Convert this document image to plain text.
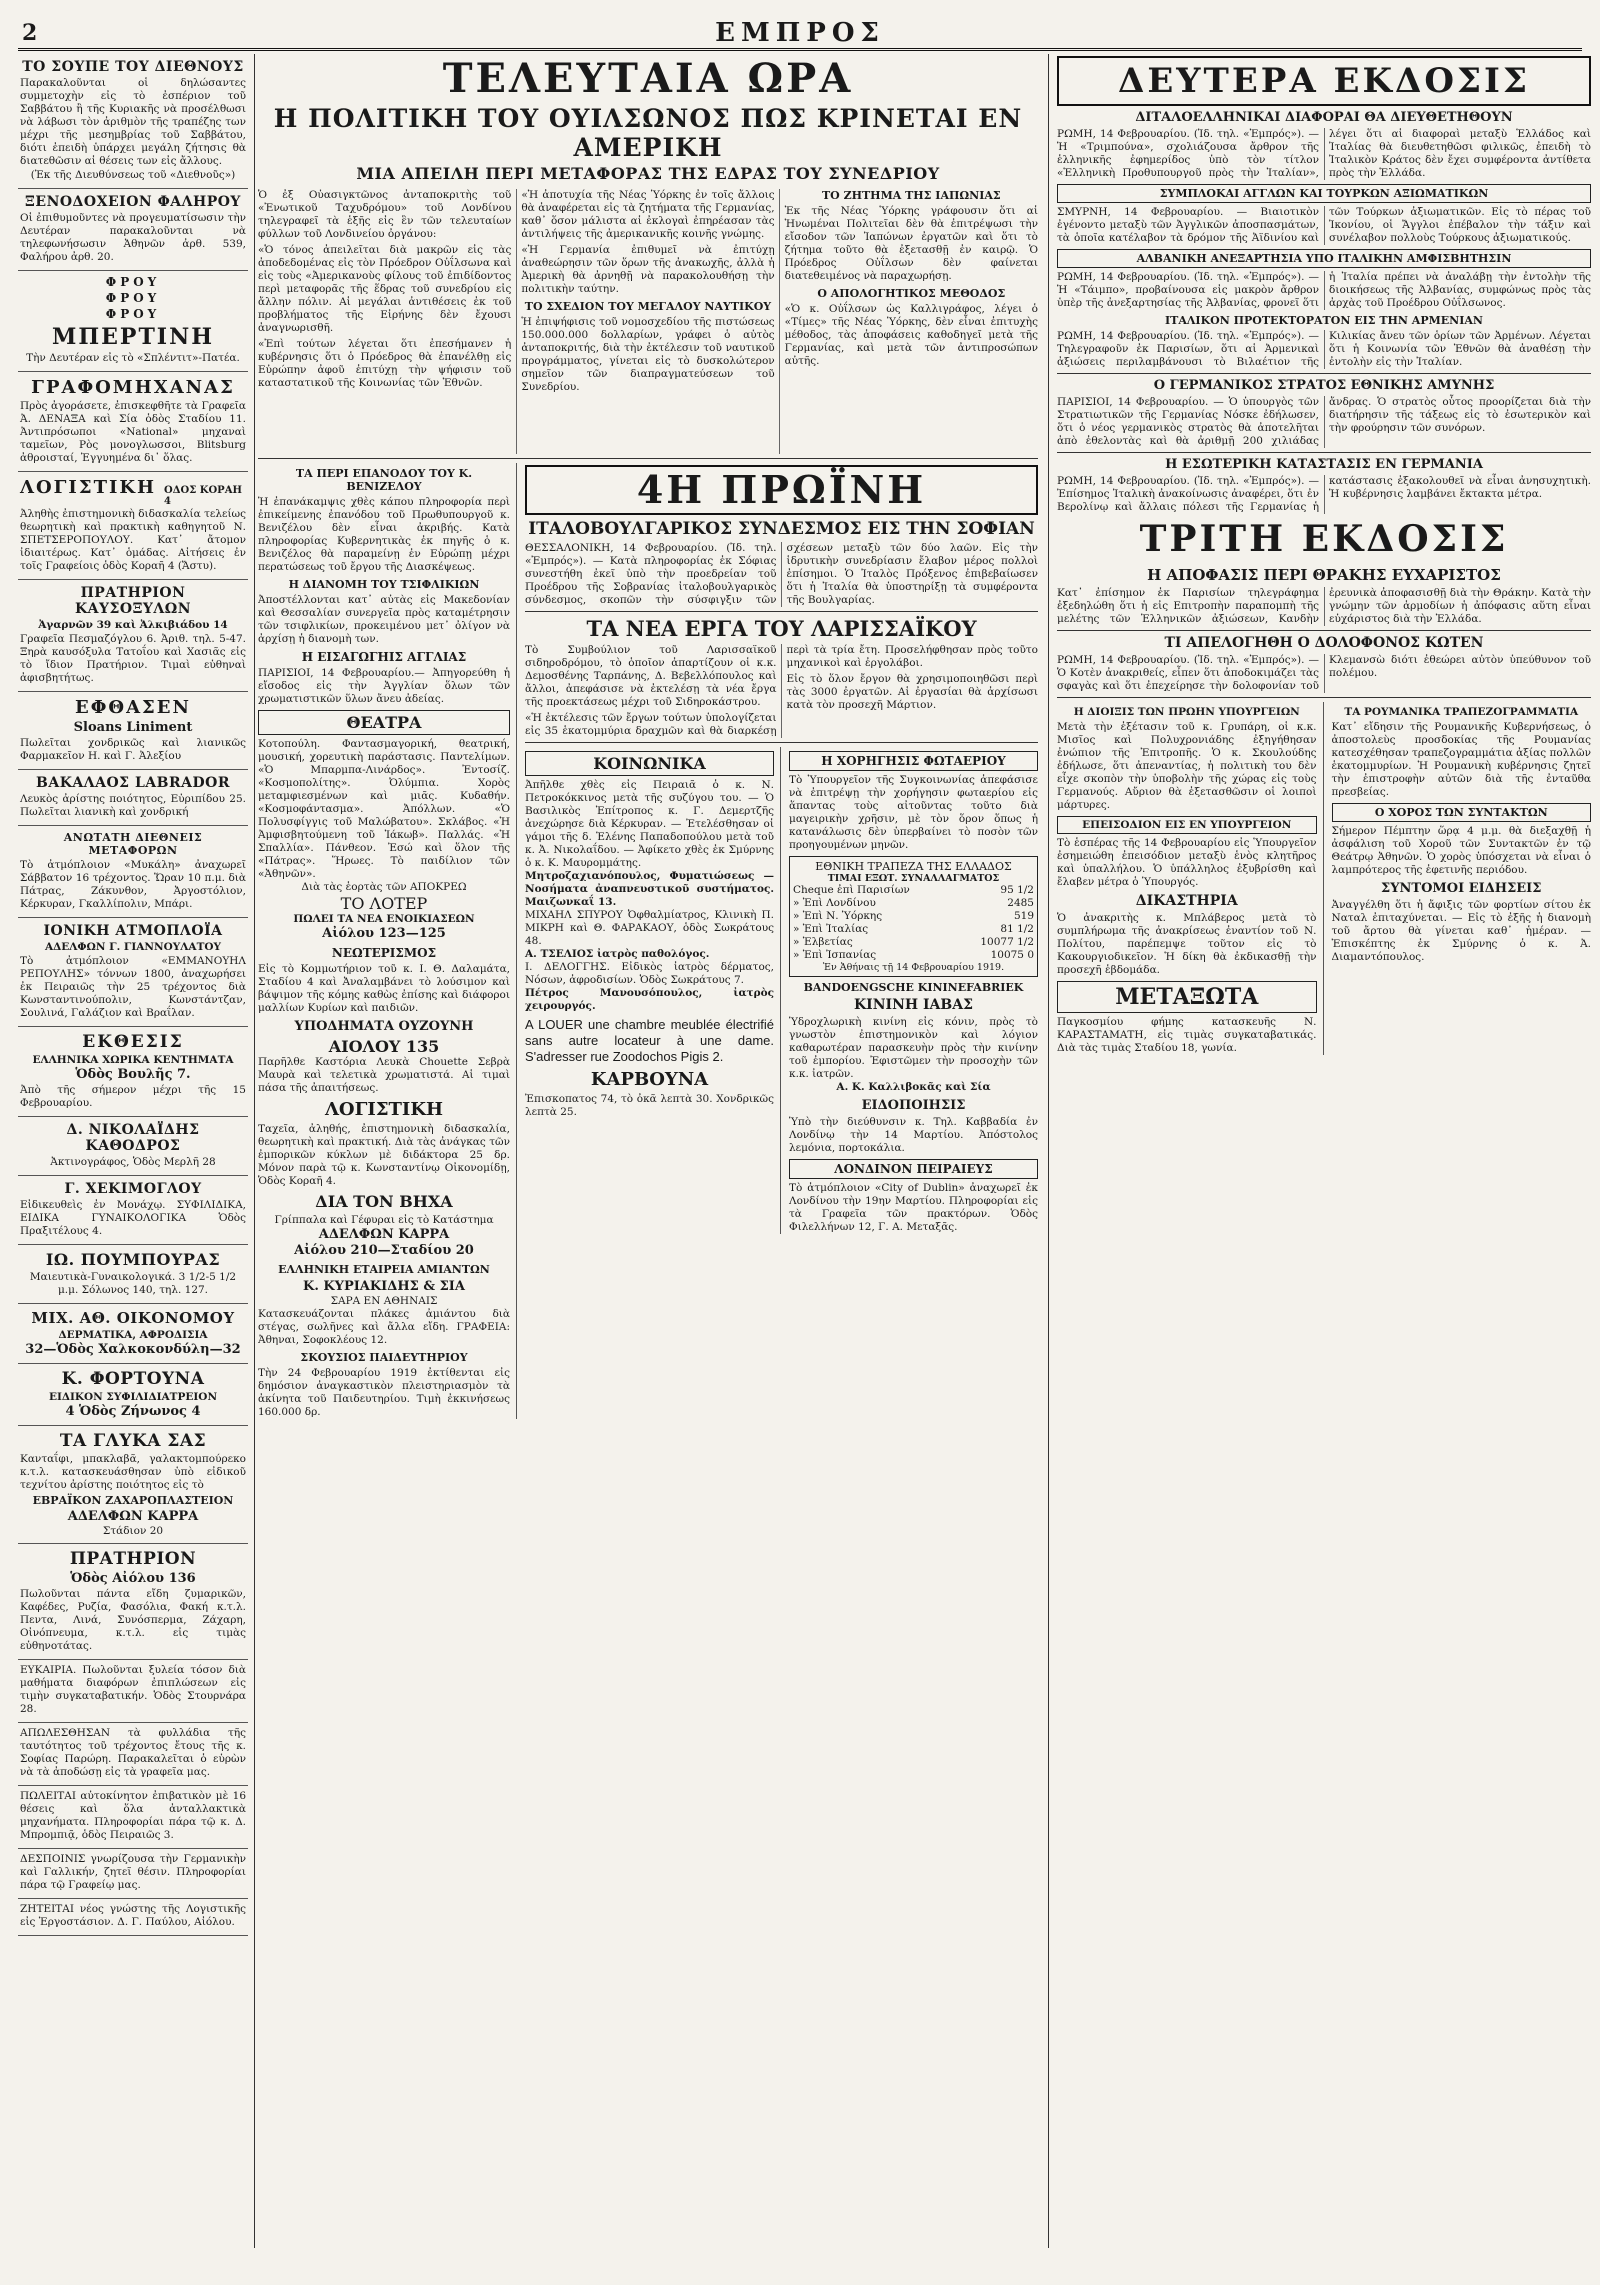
2	ΕΜΠΡΟΣ
ΤΟ ΣΟΥΠΕ ΤΟΥ ΔΙΕΘΝΟΥΣ

Παρακαλοῦνται οἱ δηλώσαντες συμμετοχὴν εἰς τὸ ἐσπέριον τοῦ Σαββάτου ἢ τῆς Κυριακῆς νὰ προσέλθωσι νὰ λάβωσι τὸν ἀριθμὸν τῆς τραπέζης των μέχρι τῆς μεσημβρίας τοῦ Σαββάτου, διότι ἐπειδὴ ὑπάρχει μεγάλη ζήτησις θὰ διατεθῶσιν αἱ θέσεις των εἰς ἄλλους.

(Ἐκ τῆς Διευθύνσεως τοῦ «Διεθνοῦς»)

ΞΕΝΟΔΟΧΕΙΟΝ ΦΑΛΗΡΟΥ

Οἱ ἐπιθυμοῦντες νὰ προγευματίσωσιν τὴν Δευτέραν παρακαλοῦνται νὰ τηλεφωνήσωσιν Ἀθηνῶν ἀρθ. 539, Φαλήρου ἀρθ. 20.

ΦΡΟΥ
ΦΡΟΥ
ΦΡΟΥ
ΜΠΕΡΤΙΝΗ

Τὴν Δευτέραν εἰς τὸ «Σπλέντιτ»-Πατέα.

ΓΡΑΦΟΜΗΧΑΝΑΣ

Πρὸς ἀγοράσετε, ἐπισκεφθῆτε τὰ Γραφεῖα Ἀ. ΔΕΝΑΞΑ καὶ Σία ὁδὸς Σταδίου 11. Ἀντιπρόσωποι «National» μηχαναὶ ταμεῖων, Ρὸς μονογλωσσοι, Blitsburg ἀθροισταί, Ἐγγυημένα δι᾽ ὅλας.

ΛΟΓΙΣΤΙΚΗ ΟΔΟΣ ΚΟΡΑΗ 4

Ἀληθὴς ἐπιστημονικὴ διδασκαλία τελείως θεωρητικὴ καὶ πρακτικὴ καθηγητοῦ Ν. ΣΠΕΤΣΕΡΟΠΟΥΛΟΥ. Κατ᾽ ἄτομον ἰδιαιτέρως. Κατ᾽ ὁμάδας. Αἰτήσεις ἐν τοῖς Γραφείοις ὁδὸς Κοραῆ 4 (Ἄστυ).

ΠΡΑΤΗΡΙΟΝ ΚΑΥΣΟΞΥΛΩΝ

Ἀγαρνῶν 39 καὶ Ἀλκιβιάδου 14

Γραφεῖα Πεσμαζόγλου 6. Ἀριθ. τηλ. 5-47. Ξηρὰ καυσόξυλα Τατοΐου καὶ Χασιᾶς εἰς τὸ ἴδιον Πρατήριον. Τιμαὶ εὐθηναὶ ἀφισβητήτως.

ΕΦΘΑΣΕΝ
Sloans Liniment

Πωλεῖται χονδρικῶς καὶ λιανικῶς Φαρμακεῖον Η. καὶ Γ. Ἀλεξίου

ΒΑΚΑΛΑΟΣ LABRADOR

Λευκὸς ἀρίστης ποιότητος, Εὐριπίδου 25. Πωλεῖται λιανικὴ καὶ χονδρική

ΑΝΩΤΑΤΗ ΔΙΕΘΝΕΙΣ ΜΕΤΑΦΟΡΩΝ

Τὸ ἀτμόπλοιον «Μυκάλη» ἀναχωρεῖ Σάββατον 16 τρέχοντος. Ὥραν 10 π.μ. διὰ Πάτρας, Ζάκυνθον, Ἀργοστόλιον, Κέρκυραν, Γκαλλίπολιν, Μπάρι.

ΙΟΝΙΚΗ ΑΤΜΟΠΛΟΪΑ

ΑΔΕΛΦΩΝ Γ. ΓΙΑΝΝΟΥΛΑΤΟΥ

Τὸ ἀτμόπλοιον «ΕΜΜΑΝΟΥΗΛ ΡΕΠΟΥΛΗΣ» τόννων 1800, ἀναχωρήσει ἐκ Πειραιῶς τὴν 25 τρέχοντος διὰ Κωνσταντινούπολιν, Κωνστάντζαν, Σουλινά, Γαλάζιον καὶ Βραΐλαν.

ΕΚΘΕΣΙΣ
ΕΛΛΗΝΙΚΑ ΧΩΡΙΚΑ ΚΕΝΤΗΜΑΤΑ
Ὁδὸς Βουλῆς 7.

Ἀπὸ τῆς σήμερον μέχρι τῆς 15 Φεβρουαρίου.

Δ. ΝΙΚΟΛΑΪΔΗΣ ΚΑΘΟΔΡΟΣ

Ἀκτινογράφος, Ὁδὸς Μερλῆ 28

Γ. ΧΕΚΙΜΟΓΛΟΥ

Εἰδικευθεὶς ἐν Μονάχῳ. ΣΥΦΙΛΙΔΙΚΑ, ΕΙΔΙΚΑ ΓΥΝΑΙΚΟΛΟΓΙΚΑ Ὁδὸς Πραξιτέλους 4.

ΙΩ. ΠΟΥΜΠΟΥΡΑΣ

Μαιευτικὰ-Γυναικολογικά. 3 1/2-5 1/2 μ.μ. Σόλωνος 140, τηλ. 127.

ΜΙΧ. ΑΘ. ΟΙΚΟΝΟΜΟΥ
ΔΕΡΜΑΤΙΚΑ, ΑΦΡΟΔΙΣΙΑ
32—Ὁδὸς Χαλκοκονδύλη—32
Κ. ΦΟΡΤΟΥΝΑ
ΕΙΔΙΚΟΝ ΣΥΦΙΛΙΔΙΑΤΡΕΙΟΝ
4 Ὁδὸς Ζήνωνος 4
ΤΑ ΓΛΥΚΑ ΣΑΣ

Κανταΐφι, μπακλαβᾶ, γαλακτομπούρεκο κ.τ.λ. κατασκευάσθησαν ὑπὸ εἰδικοῦ τεχνίτου ἀρίστης ποιότητος εἰς τὸ

ΕΒΡΑΪΚΟΝ ΖΑΧΑΡΟΠΛΑΣΤΕΙΟΝ
ΑΔΕΛΦΩΝ ΚΑΡΡΑ
Στάδιον 20
ΠΡΑΤΗΡΙΟΝ
Ὁδὸς Αἰόλου 136

Πωλοῦνται πάντα εἴδη ζυμαρικῶν, Καφέδες, Ρυζία, Φασόλια, Φακή κ.τ.λ. Πεντα, Λινά, Συνόσπερμα, Ζάχαρη, Οἰνόπνευμα, κ.τ.λ. εἰς τιμὰς εὐθηνοτάτας.

ΕΥΚΑΙΡΙΑ. Πωλοῦνται ξυλεία τόσον διὰ μαθήματα διαφόρων ἐπιπλώσεων εἰς τιμὴν συγκαταβατικήν. Ὁδὸς Στουρνάρα 28.

ΑΠΩΛΕΣΘΗΣΑΝ τὰ φυλλάδια τῆς ταυτότητος τοῦ τρέχοντος ἔτους τῆς κ. Σοφίας Παρώρη. Παρακαλεῖται ὁ εὑρὼν νὰ τὰ ἀποδώσῃ εἰς τὰ γραφεῖα μας.

ΠΩΛΕΙΤΑΙ αὐτοκίνητον ἐπιβατικὸν μὲ 16 θέσεις καὶ ὅλα ἀνταλλακτικὰ μηχανήματα. Πληροφορίαι πάρα τῷ κ. Δ. Μπρομπιᾷ, ὁδὸς Πειραιῶς 3.

ΔΕΣΠΟΙΝΙΣ γνωρίζουσα τὴν Γερμανικὴν καὶ Γαλλικήν, ζητεῖ θέσιν. Πληροφορίαι πάρα τῷ Γραφείῳ μας.

ΖΗΤΕΙΤΑΙ νέος γνώστης τῆς Λογιστικῆς εἰς Ἐργοστάσιον. Δ. Γ. Παύλου, Αἰόλου.

ΤΕΛΕΥΤΑΙΑ ΩΡΑ
Η ΠΟΛΙΤΙΚΗ ΤΟΥ ΟΥΙΛΣΩΝΟΣ ΠΩΣ ΚΡΙΝΕΤΑΙ ΕΝ ΑΜΕΡΙΚΗ
ΜΙΑ ΑΠΕΙΛΗ ΠΕΡΙ ΜΕΤΑΦΟΡΑΣ ΤΗΣ ΕΔΡΑΣ ΤΟΥ ΣΥΝΕΔΡΙΟΥ

Ὁ ἐξ Οὐασιγκτῶνος ἀνταποκριτὴς τοῦ «Ἐνωτικοῦ Ταχυδρόμου» τοῦ Λονδίνου τηλεγραφεῖ τὰ ἑξῆς εἰς ἓν τῶν τελευταίων φύλλων τοῦ Λονδινείου ὀργάνου:

«Ὁ τόνος ἀπειλεῖται διὰ μακρῶν εἰς τὰς ἀποδεδομένας εἰς τὸν Πρόεδρον Οὐΐλσωνα καὶ εἰς τοὺς «Ἀμερικανοὺς φίλους τοῦ ἐπιδίδοντος περὶ μεταφορᾶς τῆς ἕδρας τοῦ συνεδρίου εἰς ἄλλην πόλιν. Αἱ μεγάλαι ἀντιθέσεις ἐκ τοῦ προβλήματος τῆς Εἰρήνης δὲν ἔχουσι ἀναγνωρισθῆ.

«Ἐπὶ τούτων λέγεται ὅτι ἐπεσήμανεν ἡ κυβέρνησις ὅτι ὁ Πρόεδρος θὰ ἐπανέλθῃ εἰς Εὐρώπην ἀφοῦ ἐπιτύχῃ τὴν ψήφισιν τοῦ καταστατικοῦ τῆς Κοινωνίας τῶν Ἐθνῶν.

«Ἡ ἀποτυχία τῆς Νέας Ὑόρκης ἐν τοῖς ἄλλοις θὰ ἀναφέρεται εἰς τὰ ζητήματα τῆς Γερμανίας, καθ᾽ ὅσον μάλιστα αἱ ἐκλογαὶ ἐπηρέασαν τὰς ἀντιλήψεις τῆς ἀμερικανικῆς κοινῆς γνώμης.

«Ἡ Γερμανία ἐπιθυμεῖ νὰ ἐπιτύχῃ ἀναθεώρησιν τῶν ὅρων τῆς ἀνακωχῆς, ἀλλὰ ἡ Ἀμερικὴ θὰ ἀρνηθῇ νὰ παρακολουθήσῃ τὴν πολιτικὴν ταύτην.

ΤΟ ΣΧΕΔΙΟΝ ΤΟΥ ΜΕΓΑΛΟΥ ΝΑΥΤΙΚΟΥ

Ἡ ἐπιψήφισις τοῦ νομοσχεδίου τῆς πιστώσεως 150.000.000 δολλαρίων, γράφει ὁ αὐτὸς ἀνταποκριτής, διὰ τὴν ἐκτέλεσιν τοῦ ναυτικοῦ προγράμματος, γίνεται εἰς τὸ δυσκολώτερον σημεῖον τῶν διαπραγματεύσεων τοῦ Συνεδρίου.

ΤΟ ΖΗΤΗΜΑ ΤΗΣ ΙΑΠΩΝΙΑΣ

Ἐκ τῆς Νέας Ὑόρκης γράφουσιν ὅτι αἱ Ἡνωμέναι Πολιτεῖαι δὲν θὰ ἐπιτρέψωσι τὴν εἴσοδον τῶν Ἰαπώνων ἐργατῶν καὶ ὅτι τὸ ζήτημα τοῦτο θὰ ἐξετασθῇ ἐν καιρῷ. Ὁ Πρόεδρος Οὐΐλσων δὲν φαίνεται διατεθειμένος νὰ παραχωρήσῃ.

Ο ΑΠΟΛΟΓΗΤΙΚΟΣ ΜΕΘΟΔΟΣ

«Ὁ κ. Οὐΐλσων ὡς Καλλιγράφος, λέγει ὁ «Τίμες» τῆς Νέας Ὑόρκης, δὲν εἶναι ἐπιτυχὴς μέθοδος, τὰς ἀποφάσεις καθοδηγεῖ μετὰ τῆς Γερμανίας, καὶ μετὰ τῶν ἀντιπροσώπων αὐτῆς.

ΤΑ ΠΕΡΙ ΕΠΑΝΟΔΟΥ ΤΟΥ Κ. ΒΕΝΙΖΕΛΟΥ
Ἡ ἐπανάκαμψις χθὲς κάπου πληροφορία περὶ ἐπικείμενης ἐπανόδου τοῦ Πρωθυπουργοῦ κ. Βενιζέλου δὲν εἶναι ἀκριβής. Κατὰ πληροφορίας Κυβερνητικὰς ἐκ πηγῆς ὁ κ. Βενιζέλος θὰ παραμείνῃ ἐν Εὐρώπῃ μέχρι περατώσεως τοῦ ἔργου τῆς Διασκέψεως.
Η ΔΙΑΝΟΜΗ ΤΟΥ ΤΣΙΦΛΙΚΙΩΝ
Ἀποστέλλονται κατ᾽ αὐτὰς εἰς Μακεδονίαν καὶ Θεσσαλίαν συνεργεῖα πρὸς καταμέτρησιν τῶν τσιφλικίων, προκειμένου μετ᾽ ὀλίγον νὰ ἀρχίσῃ ἡ διανομὴ των.
Η ΕΙΣΑΓΩΓΗΙΣ ΑΓΓΛΙΑΣ
ΠΑΡΙΣΙΟΙ, 14 Φεβρουαρίου.— Ἀπηγορεύθη ἡ εἴσοδος εἰς τὴν Ἀγγλίαν ὅλων τῶν χρωματιστικῶν ὕλων ἄνευ ἀδείας.
ΘΕΑΤΡΑ
Κοτοπούλη. Φαντασμαγορική, θεατρική, μουσική, χορευτικὴ παράστασις. Παντελίμων. «Ὁ Μπαρμπα-Λινάρδος». Ἐντοσίζ. «Κοσμοπολίτης». Ὀλύμπια. Χορὸς μεταμφιεσμένων καὶ μιᾶς. Κυδαθήν. «Κοσμοφάντασμα». Ἀπόλλων. «Ὁ Πολυσφίγγις τοῦ Μαλώβατου». Σκλάβος. «Ἡ Ἀμφισβητούμενη τοῦ Ἰάκωβ». Παλλάς. «Ἡ Σπαλλία». Πάνθεον. Ἐσώ καὶ ὅλον τῆς «Πάτρας». Ἥρωες. Τὸ παιδίλιον τῶν «Ἀθηνῶν».
Διὰ τὰς ἑορτὰς τῶν ΑΠΟΚΡΕΩ
ΤΟ ΛΟΤΕΡ
ΠΩΛΕΙ ΤΑ ΝΕΑ ΕΝΟΙΚΙΑΣΕΩΝ
Αἰόλου 123—125
ΝΕΩΤΕΡΙΣΜΟΣ
Εἰς τὸ Κομμωτήριον τοῦ κ. Ι. Θ. Δαλαμάτα, Σταδίου 4 καὶ Ἀναλαμβάνει τὸ λούσιμον καὶ βάψιμον τῆς κόμης καθὼς ἐπίσης καὶ διάφοροι μαλλίων Κυρίων καὶ παιδιῶν.
ΥΠΟΔΗΜΑΤΑ ΟΥΖΟΥΝΗ
ΑΙΟΛΟΥ 135
Παρῆλθε Καστόρια Λευκὰ Chouette Σεβρὰ Μαυρὰ καὶ τελετικὰ χρωματιστά. Αἱ τιμαὶ πάσα τῆς ἀπαιτήσεως.
ΛΟΓΙΣΤΙΚΗ
Ταχεῖα, ἀληθής, ἐπιστημονικὴ διδασκαλία, θεωρητικὴ καὶ πρακτική. Διὰ τὰς ἀνάγκας τῶν ἐμπορικῶν κύκλων μὲ διδάκτορα 25 δρ. Μόνον παρὰ τῷ κ. Κωνσταντίνῳ Οἰκονομίδῃ, Ὁδὸς Κοραῆ 4.
ΔΙΑ ΤΟΝ ΒΗΧΑ
Γρίππαλα καὶ Γέφυραι εἰς τὸ Κατάστημα
ΑΔΕΛΦΩΝ ΚΑΡΡΑ
Αἰόλου 210—Σταδίου 20
ΕΛΛΗΝΙΚΗ ΕΤΑΙΡΕΙΑ ΑΜΙΑΝΤΩΝ
Κ. ΚΥΡΙΑΚΙΔΗΣ & ΣΙΑ
ΣΑΡΑ ΕΝ ΑΘΗΝΑΙΣ
Κατασκευάζονται πλάκες ἀμιάντου διὰ στέγας, σωλῆνες καὶ ἄλλα εἴδη. ΓΡΑΦΕΙΑ: Ἀθηναι, Σοφοκλέους 12.
ΣΚΟΥΣΙΟΣ ΠΑΙΔΕΥΤΗΡΙΟΥ
Τὴν 24 Φεβρουαρίου 1919 ἐκτίθενται εἰς δημόσιον ἀναγκαστικὸν πλειστηριασμὸν τὰ ἀκίνητα τοῦ Παιδευτηρίου. Τιμὴ ἐκκινήσεως 160.000 δρ.
4Η ΠΡΩΪΝΗ
ΙΤΑΛΟΒΟΥΛΓΑΡΙΚΟΣ ΣΥΝΔΕΣΜΟΣ ΕΙΣ ΤΗΝ ΣΟΦΙΑΝ
ΘΕΣΣΑΛΟΝΙΚΗ, 14 Φεβρουαρίου. (Ἰδ. τηλ. «Ἐμπρός»). — Κατὰ πληροφορίας ἐκ Σόφιας συνεστήθη ἐκεῖ ὑπὸ τὴν προεδρείαν τοῦ Προέδρου τῆς Σοβρανίας ἰταλοβουλγαρικὸς σύνδεσμος, σκοπῶν τὴν σύσφιγξιν τῶν σχέσεων μεταξὺ τῶν δύο λαῶν. Εἰς τὴν ἱδρυτικὴν συνεδρίασιν ἔλαβον μέρος πολλοὶ ἐπίσημοι. Ὁ Ἰταλὸς Πρόξενος ἐπιβεβαίωσεν ὅτι ἡ Ἰταλία θὰ ὑποστηρίξῃ τὰ συμφέροντα τῆς Βουλγαρίας.
ΤΑ ΝΕΑ ΕΡΓΑ ΤΟΥ ΛΑΡΙΣΣΑΪΚΟΥ

Τὸ Συμβούλιον τοῦ Λαρισσαϊκοῦ σιδηροδρόμου, τὸ ὁποῖον ἀπαρτίζουν οἱ κ.κ. Δεμοσθένης Ταρπάνης, Δ. Βεβελλόπουλος καὶ ἄλλοι, ἀπεφάσισε νὰ ἐκτελέσῃ τὰ νέα ἔργα τῆς προεκτάσεως μέχρι τοῦ Σιδηροκάστρου.

«Ἡ ἐκτέλεσις τῶν ἔργων τούτων ὑπολογίζεται εἰς 35 ἑκατομμύρια δραχμῶν καὶ θὰ διαρκέσῃ περὶ τὰ τρία ἔτη. Προσελήφθησαν πρὸς τοῦτο μηχανικοὶ καὶ ἐργολάβοι.

Εἰς τὸ ὅλον ἔργον θὰ χρησιμοποιηθῶσι περὶ τὰς 3000 ἐργατῶν. Αἱ ἐργασίαι θὰ ἀρχίσωσι κατὰ τὸν προσεχῆ Μάρτιον.

ΚΟΙΝΩΝΙΚΑ
Ἀπῆλθε χθὲς εἰς Πειραιᾶ ὁ κ. Ν. Πετροκόκκινος μετὰ τῆς συζύγου του. — Ὁ Βασιλικὸς Ἐπίτροπος κ. Γ. Δεμερτζῆς ἀνεχώρησε διὰ Κέρκυραν. — Ἐτελέσθησαν οἱ γάμοι τῆς δ. Ἑλένης Παπαδοπούλου μετὰ τοῦ κ. Ἀ. Νικολαΐδου. — Ἀφίκετο χθὲς ἐκ Σμύρνης ὁ κ. Κ. Μαυρομμάτης.
Μητροζαχιανόπουλος, Φυματιώσεως — Νοσήματα ἀναπνευστικοῦ συστήματος. Μαιζωνκαΐ 13.
ΜΙΧΑΗΛ ΣΠΥΡΟΥ Ὀφθαλμίατρος, Κλινικὴ Π. ΜΙΚΡΗ καὶ Θ. ΦΑΡΑΚΑΟΥ, ὁδὸς Σωκράτους 48.
Α. ΤΣΕΛΙΟΣ ἰατρὸς παθολόγος.
Ι. ΔΕΛΟΓΓΗΣ. Εἰδικὸς ἰατρὸς δέρματος, Νόσων, ἀφροδισίων. Ὁδὸς Σωκράτους 7.
Πέτρος Μανουσόπουλος, ἰατρὸς χειρουργός.
A LOUER une chambre meublée électrifié sans autre locateur à une dame. S'adresser rue Zoodochos Pigis 2.
ΚΑΡΒΟΥΝΑ
Ἐπισκοπατος 74, τὸ ὀκᾶ λεπτὰ 30. Χονδρικῶς λεπτὰ 25.
Η ΧΟΡΗΓΗΣΙΣ ΦΩΤΑΕΡΙΟΥ
Τὸ Ὑπουργεῖον τῆς Συγκοινωνίας ἀπεφάσισε νὰ ἐπιτρέψῃ τὴν χορήγησιν φωταερίου εἰς ἅπαντας τοὺς αἰτοῦντας τοῦτο διὰ μαγειρικὴν χρῆσιν, μὲ τὸν ὅρον ὅπως ἡ κατανάλωσις δὲν ὑπερβαίνει τὸ ποσὸν τῶν προηγουμένων μηνῶν.
ΕΘΝΙΚΗ ΤΡΑΠΕΖΑ ΤΗΣ ΕΛΛΑΔΟΣ
ΤΙΜΑΙ ΕΞΩΤ. ΣΥΝΑΛΛΑΓΜΑΤΟΣ
Cheque ἐπὶ Παρισίων	95 1/2
» Ἐπὶ Λονδίνου	2485
» Ἐπὶ Ν. Ὑόρκης	519
» Ἐπὶ Ἰταλίας	81 1/2
» Ἐλβετίας	10077 1/2
» Ἐπὶ Ἰσπανίας	10075 0
Ἐν Ἀθήναις τῇ 14 Φεβρουαρίου 1919.
BANDOENGSCHE KININEFABRIEK
ΚΙΝΙΝΗ ΙΑΒΑΣ
Ὑδροχλωρικὴ κινίνη εἰς κόνιν, πρὸς τὸ γνωστὸν ἐπιστημονικὸν καὶ λόγιον καθαρωτέραν παρασκευὴν πρὸς τὴν κινίνην τοῦ ἐμπορίου. Ἐφιστῶμεν τὴν προσοχὴν τῶν κ.κ. ἰατρῶν.
Α. Κ. Καλλιβοκᾶς καὶ Σία
ΕΙΔΟΠΟΙΗΣΙΣ
Ὑπὸ τὴν διεύθυνσιν κ. Τηλ. Καββαδία ἐν Λονδίνῳ τὴν 14 Μαρτίου. Ἀπόστολος λεμόνια, πορτοκάλια.
ΛΟΝΔΙΝΟΝ ΠΕΙΡΑΙΕΥΣ
Τὸ ἀτμόπλοιον «City of Dublin» ἀναχωρεῖ ἐκ Λονδίνου τὴν 19ην Μαρτίου. Πληροφορίαι εἰς τὰ Γραφεῖα τῶν πρακτόρων. Ὁδὸς Φιλελλήνων 12, Γ. Α. Μεταξᾶς.
ΔΕΥΤΕΡΑ ΕΚΔΟΣΙΣ
ΔΙΤΑΛΟΕΛΛΗΝΙΚΑΙ ΔΙΑΦΟΡΑΙ ΘΑ ΔΙΕΥΘΕΤΗΘΟΥΝ
ΡΩΜΗ, 14 Φεβρουαρίου. (Ἰδ. τηλ. «Ἐμπρός»). — Ἡ «Τριμπούνα», σχολιάζουσα ἄρθρον τῆς ἑλληνικῆς ἐφημερίδος ὑπὸ τὸν τίτλον «Ἑλληνικὴ Προθυπουργοῦ πρὸς τὴν Ἰταλίαν», λέγει ὅτι αἱ διαφοραὶ μεταξὺ Ἑλλάδος καὶ Ἰταλίας θὰ διευθετηθῶσι φιλικῶς, ἐπειδὴ τὸ Ἰταλικὸν Κράτος δὲν ἔχει συμφέροντα ἀντίθετα πρὸς τὴν Ἑλλάδα.
ΣΥΜΠΛΟΚΑΙ ΑΓΓΛΩΝ ΚΑΙ ΤΟΥΡΚΩΝ ΑΞΙΩΜΑΤΙΚΩΝ
ΣΜΥΡΝΗ, 14 Φεβρουαρίου. — Βιαιοτικὸν ἐγένοντο μεταξὺ τῶν Ἀγγλικῶν ἀποσπασμάτων, τὰ ὁποῖα κατέλαβον τὰ δρόμον τῆς Ἀϊδινίου καὶ τῶν Τούρκων ἀξιωματικῶν. Εἰς τὸ πέρας τοῦ Ἰκονίου, οἱ Ἄγγλοι ἐπέβαλον τὴν τάξιν καὶ συνέλαβον πολλοὺς Τούρκους ἀξιωματικούς.
ΑΛΒΑΝΙΚΗ ΑΝΕΞΑΡΤΗΣΙΑ ΥΠΟ ΙΤΑΛΙΚΗΝ ΑΜΦΙΣΒΗΤΗΣΙΝ
ΡΩΜΗ, 14 Φεβρουαρίου. (Ἰδ. τηλ. «Ἐμπρός»). — Ἡ «Τάιμπο», προβαίνουσα εἰς μακρὸν ἄρθρον ὑπὲρ τῆς ἀνεξαρτησίας τῆς Ἀλβανίας, φρονεῖ ὅτι ἡ Ἰταλία πρέπει νὰ ἀναλάβῃ τὴν ἐντολὴν τῆς διοικήσεως τῆς Ἀλβανίας, συμφώνως πρὸς τὰς ἀρχὰς τοῦ Προέδρου Οὐΐλσωνος.
ΙΤΑΛΙΚΟΝ ΠΡΟΤΕΚΤΟΡΑΤΟΝ ΕΙΣ ΤΗΝ ΑΡΜΕΝΙΑΝ
ΡΩΜΗ, 14 Φεβρουαρίου. (Ἰδ. τηλ. «Ἐμπρός»). — Τηλεγραφοῦν ἐκ Παρισίων, ὅτι αἱ Ἀρμενικαὶ ἀξιώσεις περιλαμβάνουσι τὸ Βιλαέτιον τῆς Κιλικίας ἄνευ τῶν ὁρίων τῶν Ἀρμένων. Λέγεται ὅτι ἡ Κοινωνία τῶν Ἐθνῶν θὰ ἀναθέσῃ τὴν ἐντολὴν εἰς τὴν Ἰταλίαν.
Ο ΓΕΡΜΑΝΙΚΟΣ ΣΤΡΑΤΟΣ ΕΘΝΙΚΗΣ ΑΜΥΝΗΣ
ΠΑΡΙΣΙΟΙ, 14 Φεβρουαρίου. — Ὁ ὑπουργὸς τῶν Στρατιωτικῶν τῆς Γερμανίας Νόσκε ἐδήλωσεν, ὅτι ὁ νέος γερμανικὸς στρατὸς θὰ ἀποτελῆται ἀπὸ ἐθελοντὰς καὶ θὰ ἀριθμῇ 200 χιλιάδας ἄνδρας. Ὁ στρατὸς οὗτος προορίζεται διὰ τὴν διατήρησιν τῆς τάξεως εἰς τὸ ἐσωτερικὸν καὶ τὴν φρούρησιν τῶν συνόρων.
Η ΕΣΩΤΕΡΙΚΗ ΚΑΤΑΣΤΑΣΙΣ ΕΝ ΓΕΡΜΑΝΙΑ
ΡΩΜΗ, 14 Φεβρουαρίου. (Ἰδ. τηλ. «Ἐμπρός»). — Ἐπίσημος Ἰταλικὴ ἀνακοίνωσις ἀναφέρει, ὅτι ἐν Βερολίνῳ καὶ ἄλλαις πόλεσι τῆς Γερμανίας ἡ κατάστασις ἐξακολουθεῖ νὰ εἶναι ἀνησυχητικὴ. Ἡ κυβέρνησις λαμβάνει ἔκτακτα μέτρα.
ΤΡΙΤΗ ΕΚΔΟΣΙΣ
Η ΑΠΟΦΑΣΙΣ ΠΕΡΙ ΘΡΑΚΗΣ ΕΥΧΑΡΙΣΤΟΣ
Κατ᾽ ἐπίσημον ἐκ Παρισίων τηλεγράφημα ἐξεδηλώθη ὅτι ἡ εἰς Επιτροπὴν παραπομπὴ τῆς μελέτης τῶν Ἑλληνικῶν ἀξιώσεων, Κανδὴν ἐρευνικὰ ἀποφασισθῇ διὰ τὴν Θράκην. Κατὰ τὴν γνώμην τῶν ἁρμοδίων ἡ ἀπόφασις αὕτη εἶναι εὐχάριστος διὰ τὴν Ἑλλάδα.
ΤΙ ΑΠΕΛΟΓΗΘΗ Ο ΔΟΛΟΦΟΝΟΣ ΚΩΤΕΝ
ΡΩΜΗ, 14 Φεβρουαρίου. (Ἰδ. τηλ. «Ἐμπρός»). — Ὁ Κοτὲν ἀνακριθείς, εἶπεν ὅτι ἀποδοκιμάζει τὰς σφαγὰς καὶ ὅτι ἐπεχείρησε τὴν δολοφονίαν τοῦ Κλεμανσὼ διότι ἐθεώρει αὐτὸν ὑπεύθυνον τοῦ πολέμου.
Η ΔΙΟΙΞΙΣ ΤΩΝ ΠΡΩΗΝ ΥΠΟΥΡΓΕΙΩΝ
Μετὰ τὴν ἐξέτασιν τοῦ κ. Γρυπάρη, οἱ κ.κ. Μισῖος καὶ Πολυχρονιάδης ἐξηγήθησαν ἐνώπιον τῆς Ἐπιτροπῆς. Ὁ κ. Σκουλούδης ἐδήλωσε, ὅτι ἀπεναντίας, ἡ πολιτικὴ του δὲν εἶχε σκοπὸν τὴν ὑποβολὴν τῆς χώρας εἰς τοὺς Γερμανούς. Αὔριον θὰ ἐξετασθῶσιν οἱ λοιποὶ μάρτυρες.
ΕΠΕΙΣΟΔΙΟΝ ΕΙΣ ΕΝ ΥΠΟΥΡΓΕΙΟΝ
Τὸ ἑσπέρας τῆς 14 Φεβρουαρίου εἰς Ὑπουργεῖον ἐσημειώθη ἐπεισόδιον μεταξὺ ἑνὸς κλητῆρος καὶ ὑπαλλήλου. Ὁ ὑπάλληλος ἐξυβρίσθη καὶ ἔλαβεν μέτρα ὁ Ὑπουργός.
ΔΙΚΑΣΤΗΡΙΑ
Ὁ ἀνακριτὴς κ. Μπλάβερος μετὰ τὸ συμπλήρωμα τῆς ἀνακρίσεως ἐναντίον τοῦ Ν. Πολίτου, παρέπεμψε τοῦτον εἰς τὸ Κακουργιοδικεῖον. Ἡ δίκη θὰ ἐκδικασθῇ τὴν προσεχῆ ἑβδομάδα.
ΜΕΤΑΞΩΤΑ
Παγκοσμίου φήμης κατασκευῆς Ν. ΚΑΡΑΣΤΑΜΑΤΗ, εἰς τιμὰς συγκαταβατικάς. Διὰ τὰς τιμὰς Σταδίου 18, γωνία.
ΤΑ ΡΟΥΜΑΝΙΚΑ ΤΡΑΠΕΖΟΓΡΑΜΜΑΤΙΑ
Κατ᾽ εἴδησιν τῆς Ρουμανικῆς Κυβερνήσεως, ὁ ἀποστολεὺς προσδοκίας τῆς Ρουμανίας κατεσχέθησαν τραπεζογραμμάτια ἀξίας πολλῶν ἑκατομμυρίων. Ἡ Ρουμανικὴ κυβέρνησις ζητεῖ τὴν ἐπιστροφὴν αὐτῶν διὰ τῆς ἐνταῦθα πρεσβείας.
Ο ΧΟΡΟΣ ΤΩΝ ΣΥΝΤΑΚΤΩΝ
Σήμερον Πέμπτην ὥρᾳ 4 μ.μ. θὰ διεξαχθῇ ἡ ἀσφάλιση τοῦ Χοροῦ τῶν Συντακτῶν ἐν τῷ Θεάτρῳ Ἀθηνῶν. Ὁ χορὸς ὑπόσχεται νὰ εἶναι ὁ λαμπρότερος τῆς ἐφετινῆς περιόδου.
ΣΥΝΤΟΜΟΙ ΕΙΔΗΣΕΙΣ
Ἀναγγέλθη ὅτι ἡ ἄφιξις τῶν φορτίων σίτου ἐκ Ναταλ ἐπιταχύνεται. — Εἰς τὸ ἐξῆς ἡ διανομὴ τοῦ ἄρτου θὰ γίνεται καθ᾽ ἡμέραν. — Ἐπισκέπτης ἐκ Σμύρνης ὁ κ. Ἀ. Διαμαντόπουλος.
